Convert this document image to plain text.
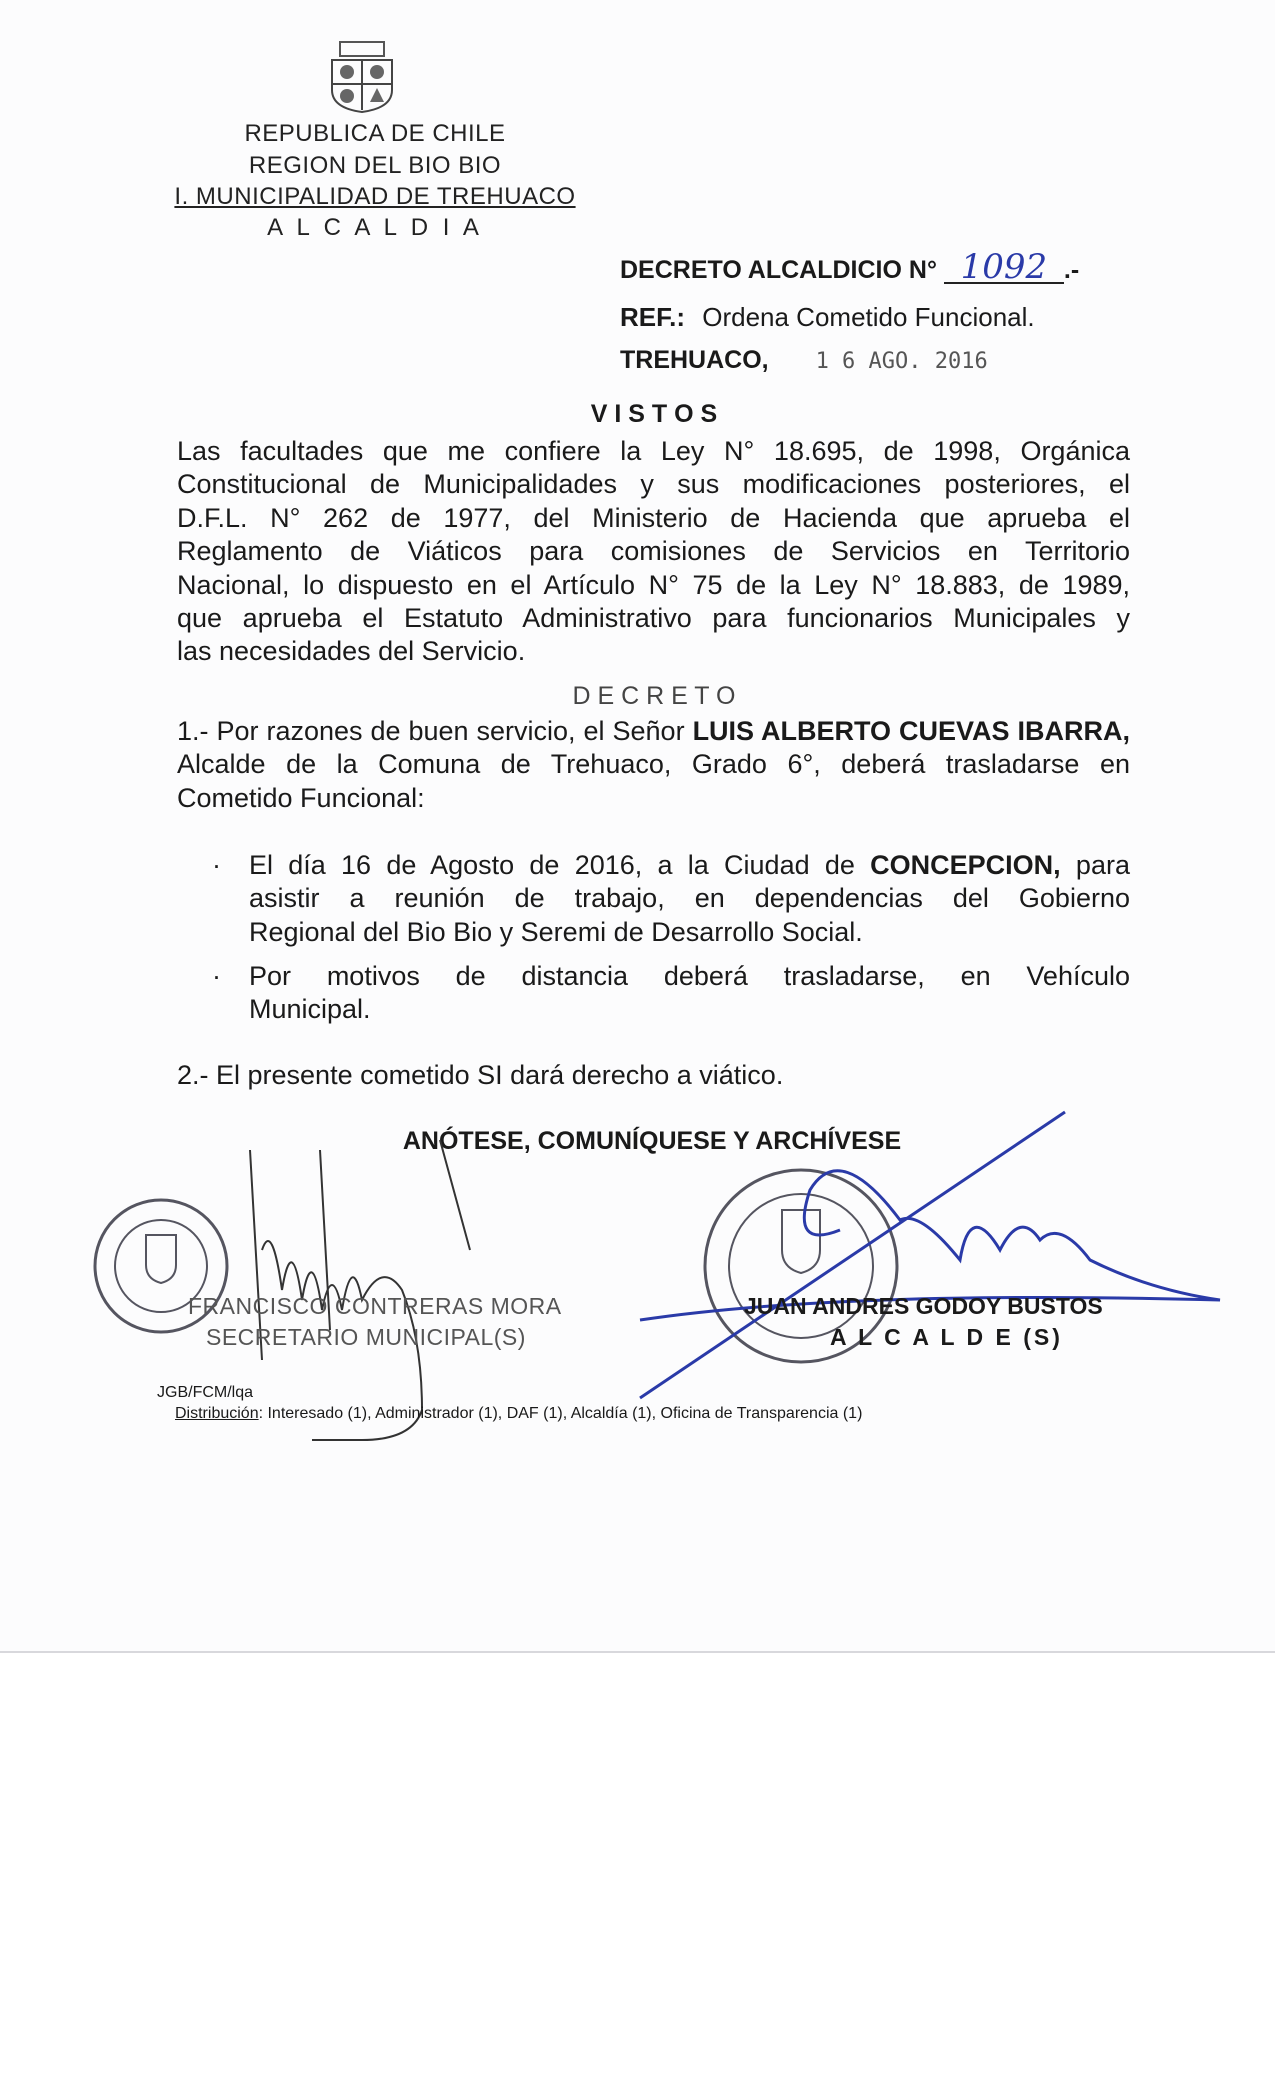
REPUBLICA DE CHILE
REGION DEL BIO BIO
I. MUNICIPALIDAD DE TREHUACO
A L C A L D I A
DECRETO ALCALDICIO N° 1092 .-
REF.: Ordena Cometido Funcional.
TREHUACO, 1 6 AGO. 2016
V I S T O S
Las facultades que me confiere la Ley N° 18.695, de 1998, Orgánica
Constitucional de Municipalidades y sus modificaciones posteriores, el
D.F.L. N° 262 de 1977, del Ministerio de Hacienda que aprueba el
Reglamento de Viáticos para comisiones de Servicios en Territorio
Nacional, lo dispuesto en el Artículo N° 75 de la Ley N° 18.883, de 1989,
que aprueba el Estatuto Administrativo para funcionarios Municipales y
las necesidades del Servicio.
D E C R E T O
1.- Por razones de buen servicio, el Señor LUIS ALBERTO CUEVAS IBARRA,
Alcalde de la Comuna de Trehuaco, Grado 6°, deberá trasladarse en
Cometido Funcional:
· El día 16 de Agosto de 2016, a la Ciudad de CONCEPCION, para
asistir a reunión de trabajo, en dependencias del Gobierno
Regional del Bio Bio y Seremi de Desarrollo Social.
· Por motivos de distancia deberá trasladarse, en Vehículo
Municipal.
2.- El presente cometido SI dará derecho a viático.
ANÓTESE, COMUNÍQUESE Y ARCHÍVESE
FRANCISCO CONTRERAS MORA
SECRETARIO MUNICIPAL(S)
JUAN ANDRES GODOY BUSTOS
A L C A L D E (S)
JGB/FCM/lqa
Distribución: Interesado (1), Administrador (1), DAF (1), Alcaldía (1), Oficina de Transparencia (1)
